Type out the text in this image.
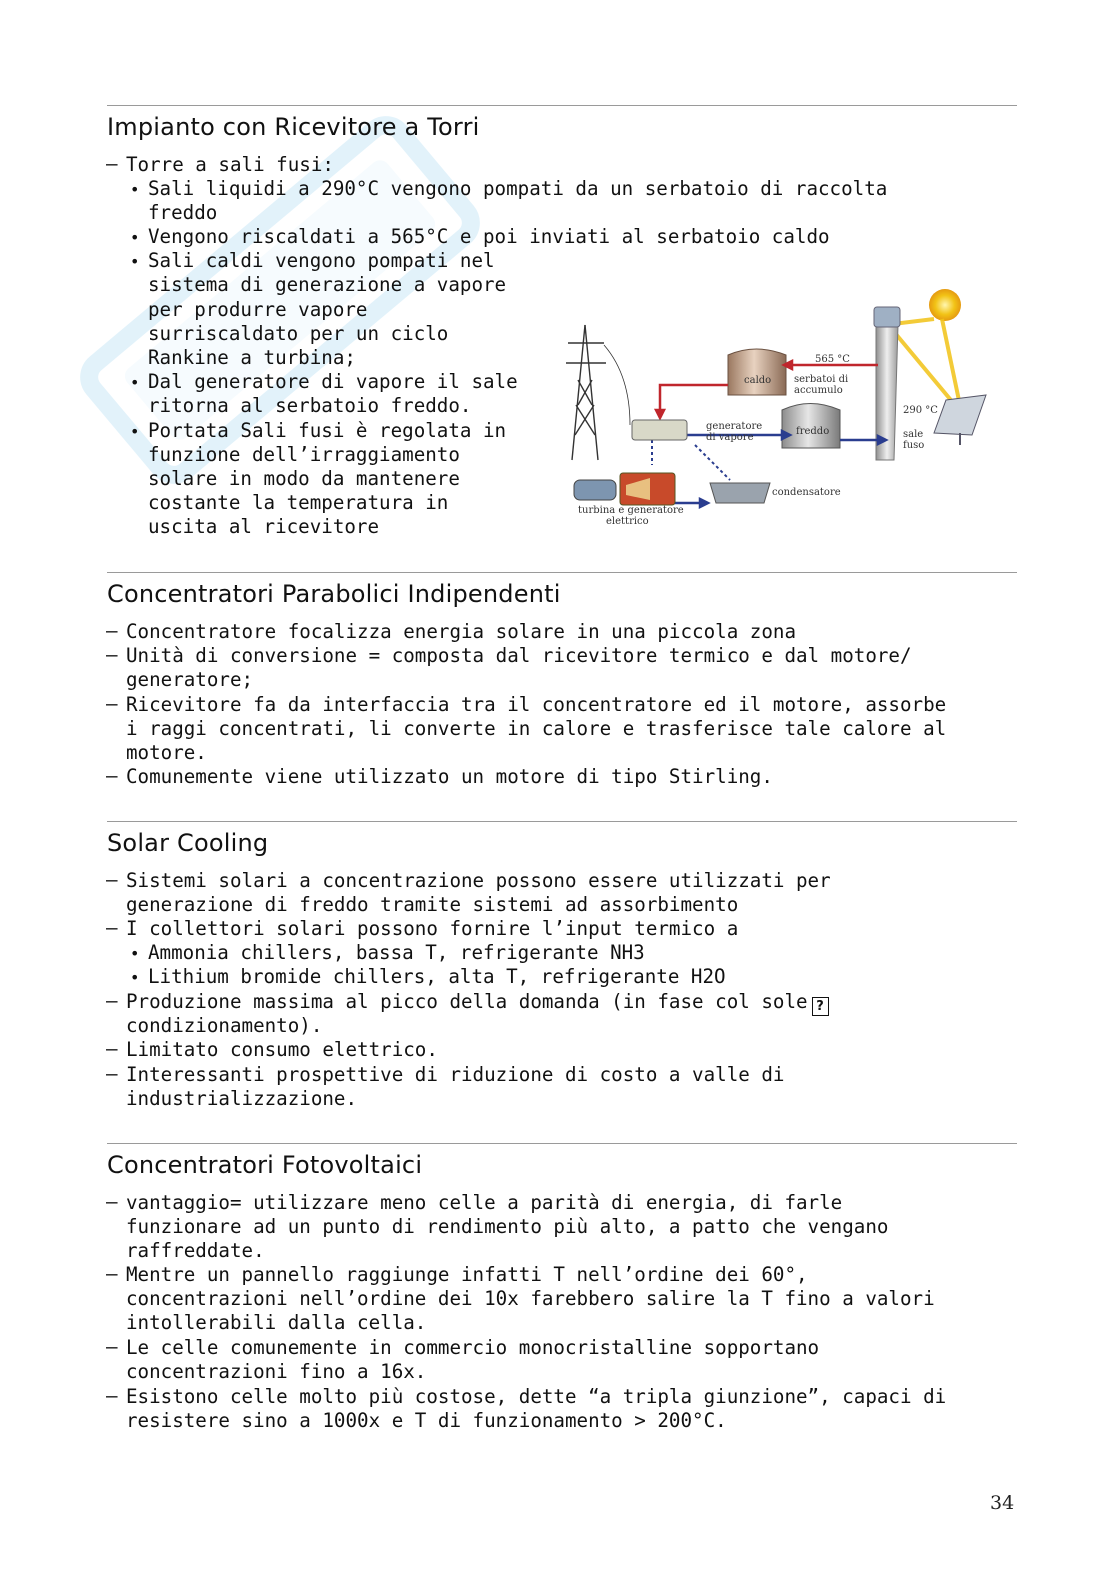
Impianto con Ricevitore a Torri
– Torre a sali fusi:
• Sali liquidi a 290°C vengono pompati da un serbatoio di raccolta
freddo
• Vengono riscaldati a 565°C e poi inviati al serbatoio caldo
• Sali caldi vengono pompati nel
sistema di generazione a vapore
per produrre vapore
surriscaldato per un ciclo
Rankine a turbina;
• Dal generatore di vapore il sale
ritorna al serbatoio freddo.
• Portata Sali fusi è regolata in
funzione dell’irraggiamento
solare in modo da mantenere
costante la temperatura in
uscita al ricevitore
caldo
freddo
565 °C
serbatoi di
accumulo
290 °C
generatore
di vapore	sale
fuso
condensatore
turbina e generatore
elettrico
Concentratori Parabolici Indipendenti
– Concentratore focalizza energia solare in una piccola zona
– Unità di conversione = composta dal ricevitore termico e dal motore/
generatore;
– Ricevitore fa da interfaccia tra il concentratore ed il motore, assorbe
i raggi concentrati, li converte in calore e trasferisce tale calore al
motore.
– Comunemente viene utilizzato un motore di tipo Stirling.
Solar Cooling
– Sistemi solari a concentrazione possono essere utilizzati per
generazione di freddo tramite sistemi ad assorbimento
– I collettori solari possono fornire l’input termico a
• Ammonia chillers, bassa T, refrigerante NH3
• Lithium bromide chillers, alta T, refrigerante H2O
– Produzione massima al picco della domanda (in fase col sole ?
condizionamento).
– Limitato consumo elettrico.
– Interessanti prospettive di riduzione di costo a valle di
industrializzazione.
Concentratori Fotovoltaici
– vantaggio= utilizzare meno celle a parità di energia, di farle
funzionare ad un punto di rendimento più alto, a patto che vengano
raffreddate.
– Mentre un pannello raggiunge infatti T nell’ordine dei 60°,
concentrazioni nell’ordine dei 10x farebbero salire la T fino a valori
intollerabili dalla cella.
– Le celle comunemente in commercio monocristalline sopportano
concentrazioni fino a 16x.
– Esistono celle molto più costose, dette “a tripla giunzione”, capaci di
resistere sino a 1000x e T di funzionamento > 200°C.
34
